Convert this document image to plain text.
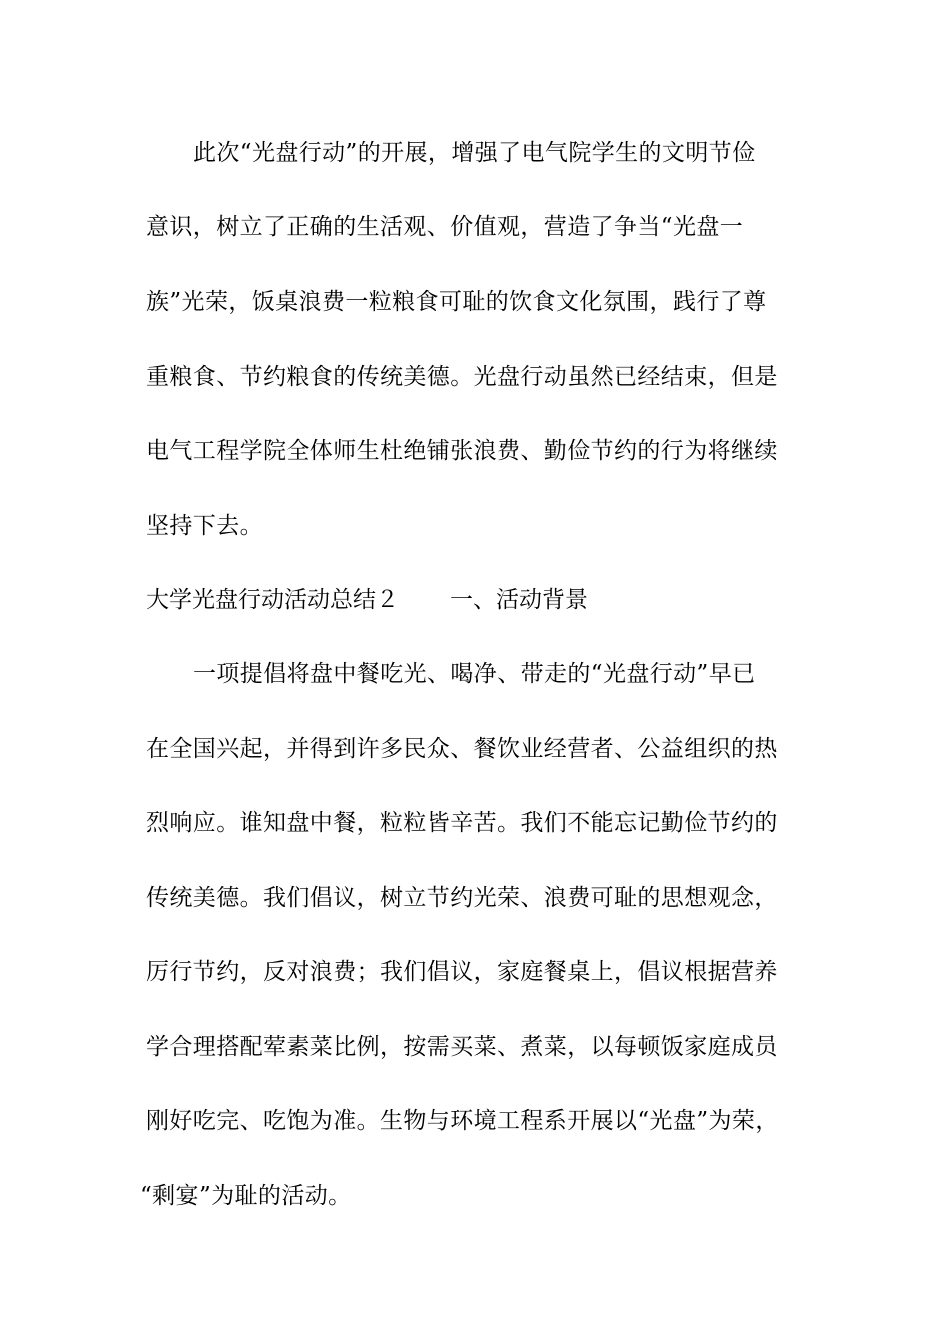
此次“光盘行动”的开展，增强了电气院学生的文明节俭
意识，树立了正确的生活观、价值观，营造了争当“光盘一
族”光荣，饭桌浪费一粒粮食可耻的饮食文化氛围，践行了尊
重粮食、节约粮食的传统美德。光盘行动虽然已经结束，但是
电气工程学院全体师生杜绝铺张浪费、勤俭节约的行为将继续
坚持下去。
大学光盘行动活动总结２ 一、活动背景
一项提倡将盘中餐吃光、喝净、带走的“光盘行动”早已
在全国兴起，并得到许多民众、餐饮业经营者、公益组织的热
烈响应。谁知盘中餐，粒粒皆辛苦。我们不能忘记勤俭节约的
传统美德。我们倡议，树立节约光荣、浪费可耻的思想观念，
厉行节约，反对浪费；我们倡议，家庭餐桌上，倡议根据营养
学合理搭配荤素菜比例，按需买菜、煮菜，以每顿饭家庭成员
刚好吃完、吃饱为准。生物与环境工程系开展以“光盘”为荣，
“剩宴”为耻的活动。
